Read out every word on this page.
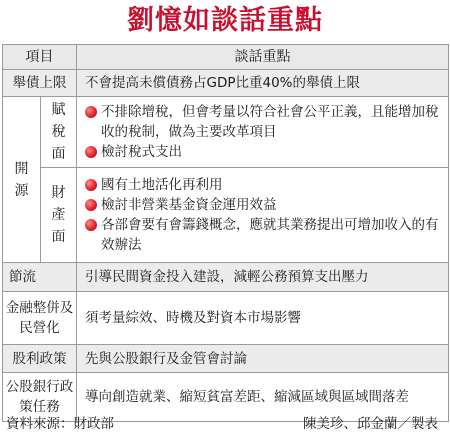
劉憶如談話重點
項目		談話重點
舉債上限		不會提高未償債務占GDP比重40%的舉債上限
開源	賦稅面	不排除增稅，但會考量以符合社會公平正義，且能增加稅收的稅制，做為主要改革項目
檢討稅式支出

	財產面	國有土地活化再利用
檢討非營業基金資金運用效益
各部會要有會籌錢概念，應就其業務提出可增加收入的有效辦法

節流		引導民間資金投入建設，減輕公務預算支出壓力
金融整併及民營化		須考量綜效、時機及對資本市場影響
股利政策		先與公股銀行及金管會討論
公股銀行政策任務		導向創造就業、縮短貧富差距、縮減區域與區域間落差
資料來源：財政部	陳美珍、邱金蘭／製表
